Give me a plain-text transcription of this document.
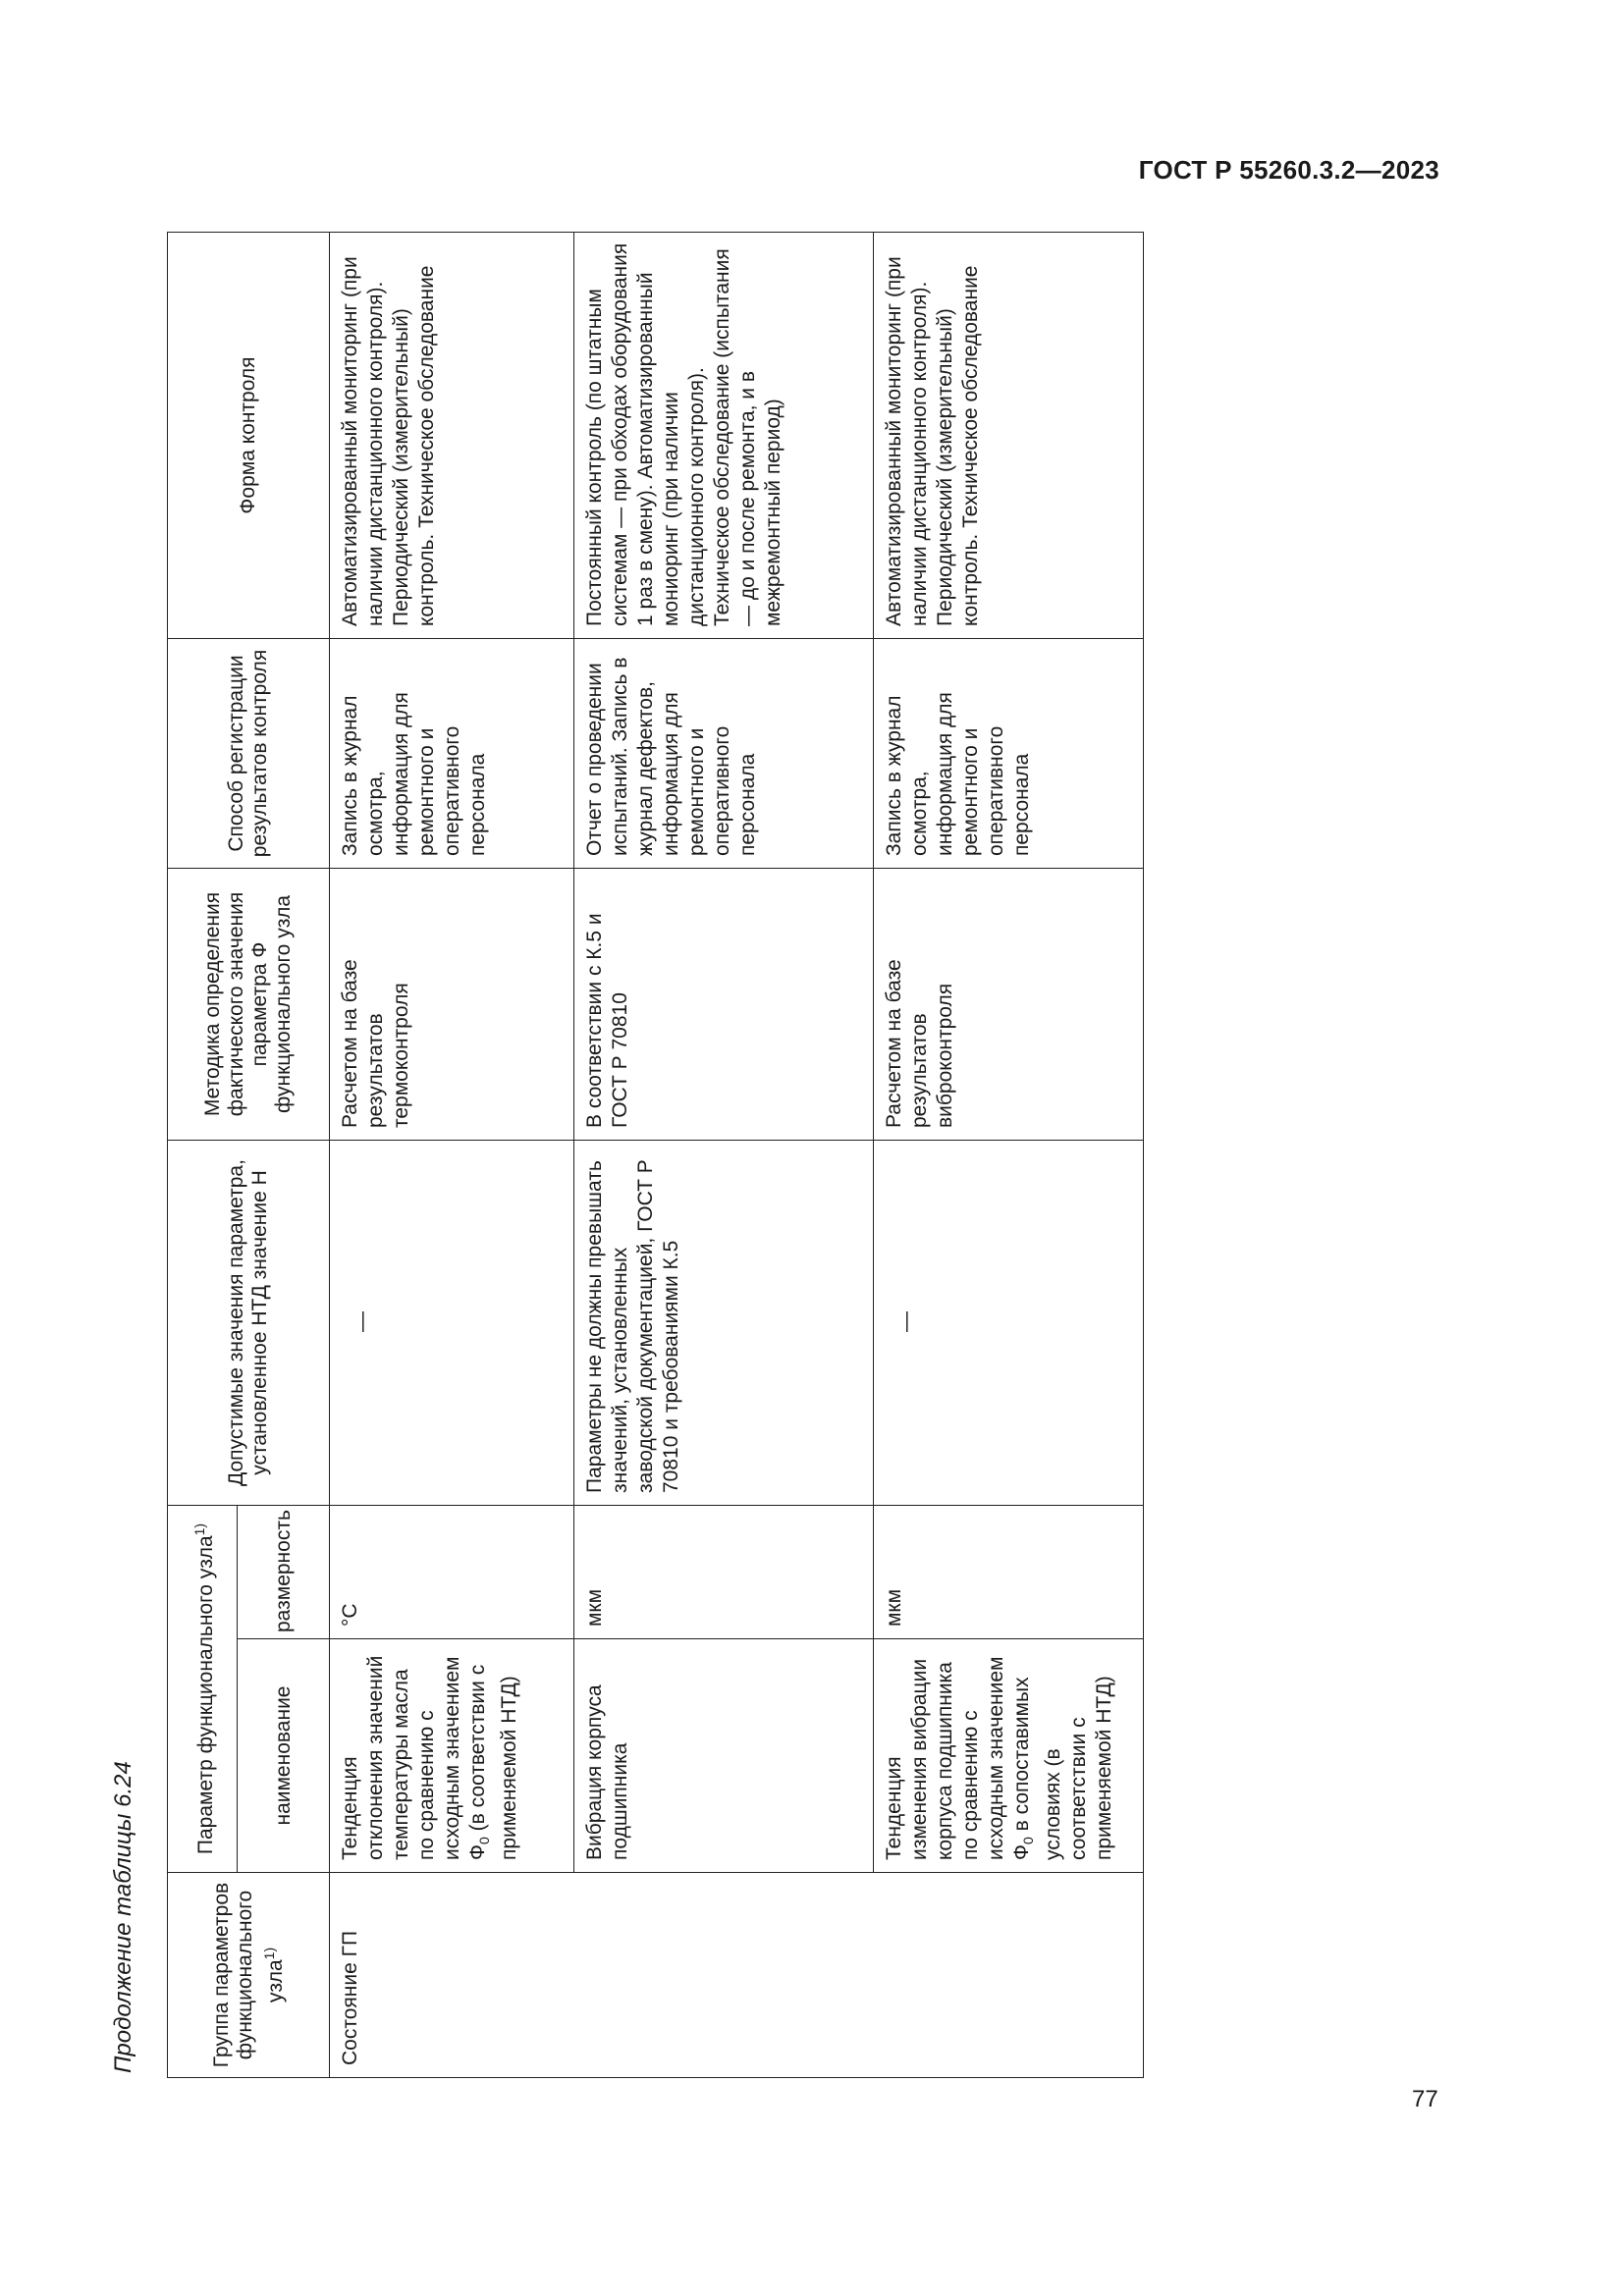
ГОСТ Р 55260.3.2—2023
Продолжение таблицы 6.24	Группа параметров функционального узла$^{1)}$	Параметр функционального узла$^{1)}$		Допустимые значения параметра, установленное НТД значение Н	Методика определения фактического значения параметра Ф функционального узла	Способ регистрации результатов контроля	Форма контроля
	наименование	размерность				
Состояние ГП	Тенденция отклонения значений температуры масла по сравнению с исходным значением $Ф_0$ (в соответствии с применяемой НТД)	°С	—	Расчетом на базе результатов термоконтроля	Запись в журнал осмотра, информация для ремонтного и оперативного персонала	Автоматизированный мониторинг (при наличии дистанционного контроля). Периодический (измерительный) контроль. Техническое обследование
	Вибрация корпуса подшипника	мкм	Параметры не должны превышать значений, установленных заводской документацией, ГОСТ Р 70810 и требованиями К.5	В соответствии с К.5 и ГОСТ Р 70810	Отчет о проведении испытаний. Запись в журнал дефектов, информация для ремонтного и оперативного персонала	Постоянный контроль (по штатным системам — при обходах оборудования 1 раз в смену). Автоматизированный мониоринг (при наличии дистанционного контроля). Техническое обследование (испытания — до и после ремонта, и в межремонтный период)
	Тенденция изменения вибрации корпуса подшипника по сравнению с исходным значением $Ф_0$ в сопоставимых условиях (в соответствии с применяемой НТД)	мкм	—	Расчетом на базе результатов виброконтроля	Запись в журнал осмотра, информация для ремонтного и оперативного персонала	Автоматизированный мониторинг (при наличии дистанционного контроля). Периодический (измерительный) контроль. Техническое обследование
77
